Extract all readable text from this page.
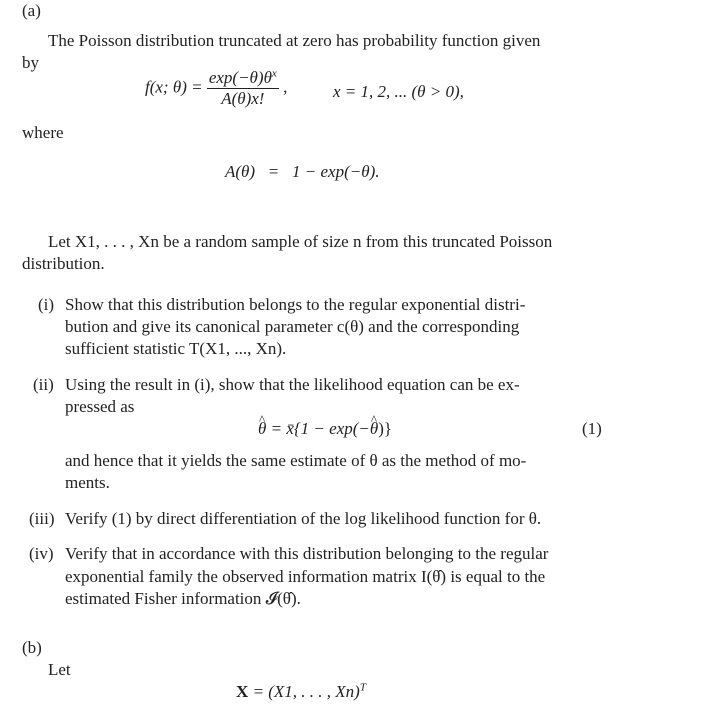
(a)
The Poisson distribution truncated at zero has probability function given
by
f(x; $\theta) = \frac{\exp(-\theta)\theta^x}{A(\theta)x!}$ ,	x = 1, 2, ... (θ > 0),
where
A(θ)   =   1 − exp(−θ).
Let X1, . . . , Xn be a random sample of size n from this truncated Poisson
distribution.
(i) Show that this distribution belongs to the regular exponential distri-
bution and give its canonical parameter c(θ) and the corresponding
sufficient statistic T(X1, ..., Xn).
(ii) Using the result in (i), show that the likelihood equation can be ex-
pressed as
^ θ = x̄{1 − exp(−^ θ)}	(1)
and hence that it yields the same estimate of θ as the method of mo-
ments.
(iii) Verify (1) by direct differentiation of the log likelihood function for θ.
(iv) Verify that in accordance with this distribution belonging to the regular
exponential family the observed information matrix I(θ̂) is equal to the
estimated Fisher information 𝓘(θ̂).
(b)
Let
X = (X1, . . . , Xn)$^T$
